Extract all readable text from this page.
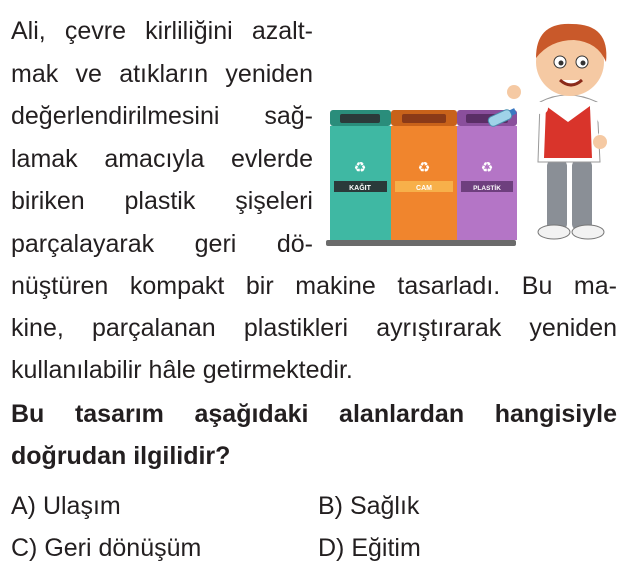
Ali, çevre kirliliğini azalt-
mak ve atıkların yeniden
değerlendirilmesini sağ-
lamak amacıyla evlerde
biriken plastik şişeleri
parçalayarak geri dö-
nüştüren kompakt bir makine tasarladı. Bu ma-
kine, parçalanan plastikleri ayrıştırarak yeniden
kullanılabilir hâle getirmektedir.
Bu tasarım aşağıdaki alanlardan hangisiyle
doğrudan ilgilidir?
A) Ulaşım	B) Sağlık
C) Geri dönüşüm	D) Eğitim
♻
KAĞIT
♻
CAM
♻
PLASTİK
